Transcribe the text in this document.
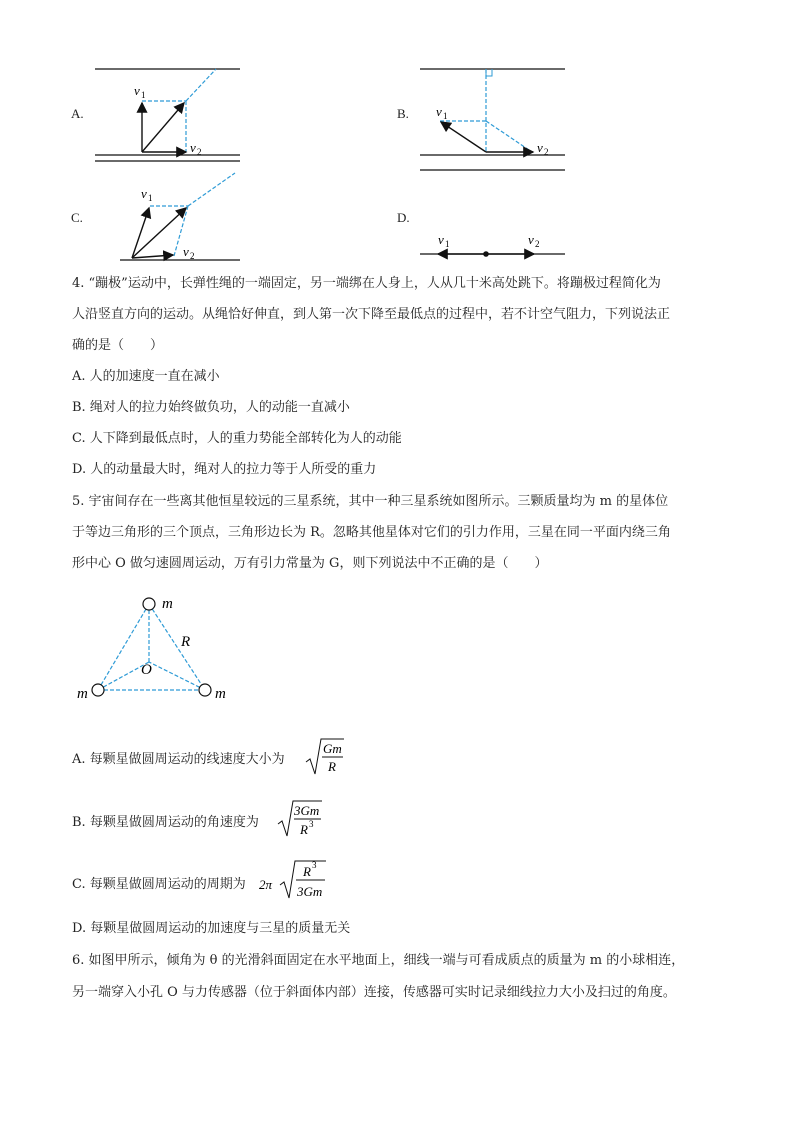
A.
v 1
v 2
B. v 1
v 2
C.
v 1
v 2
D.
v 1	v 2
4. “蹦极”运动中，长弹性绳的一端固定，另一端绑在人身上，人从几十米高处跳下。将蹦极过程简化为
人沿竖直方向的运动。从绳恰好伸直，到人第一次下降至最低点的过程中，若不计空气阻力，下列说法正
确的是（　　）
A. 人的加速度一直在减小
B. 绳对人的拉力始终做负功，人的动能一直减小
C. 人下降到最低点时，人的重力势能全部转化为人的动能
D. 人的动量最大时，绳对人的拉力等于人所受的重力
5. 宇宙间存在一些离其他恒星较远的三星系统，其中一种三星系统如图所示。三颗质量均为 m 的星体位
于等边三角形的三个顶点，三角形边长为 R。忽略其他星体对它们的引力作用，三星在同一平面内绕三角
形中心 O 做匀速圆周运动，万有引力常量为 G，则下列说法中不正确的是（　　）
m
m	m
R
O
A. 每颗星做圆周运动的线速度大小为
Gm
R
B. 每颗星做圆周运动的角速度为
3Gm
R 3
C. 每颗星做圆周运动的周期为 2π
R 3
3Gm
D. 每颗星做圆周运动的加速度与三星的质量无关
6. 如图甲所示，倾角为 θ 的光滑斜面固定在水平地面上，细线一端与可看成质点的质量为 m 的小球相连，
另一端穿入小孔 O 与力传感器（位于斜面体内部）连接，传感器可实时记录细线拉力大小及扫过的角度。
